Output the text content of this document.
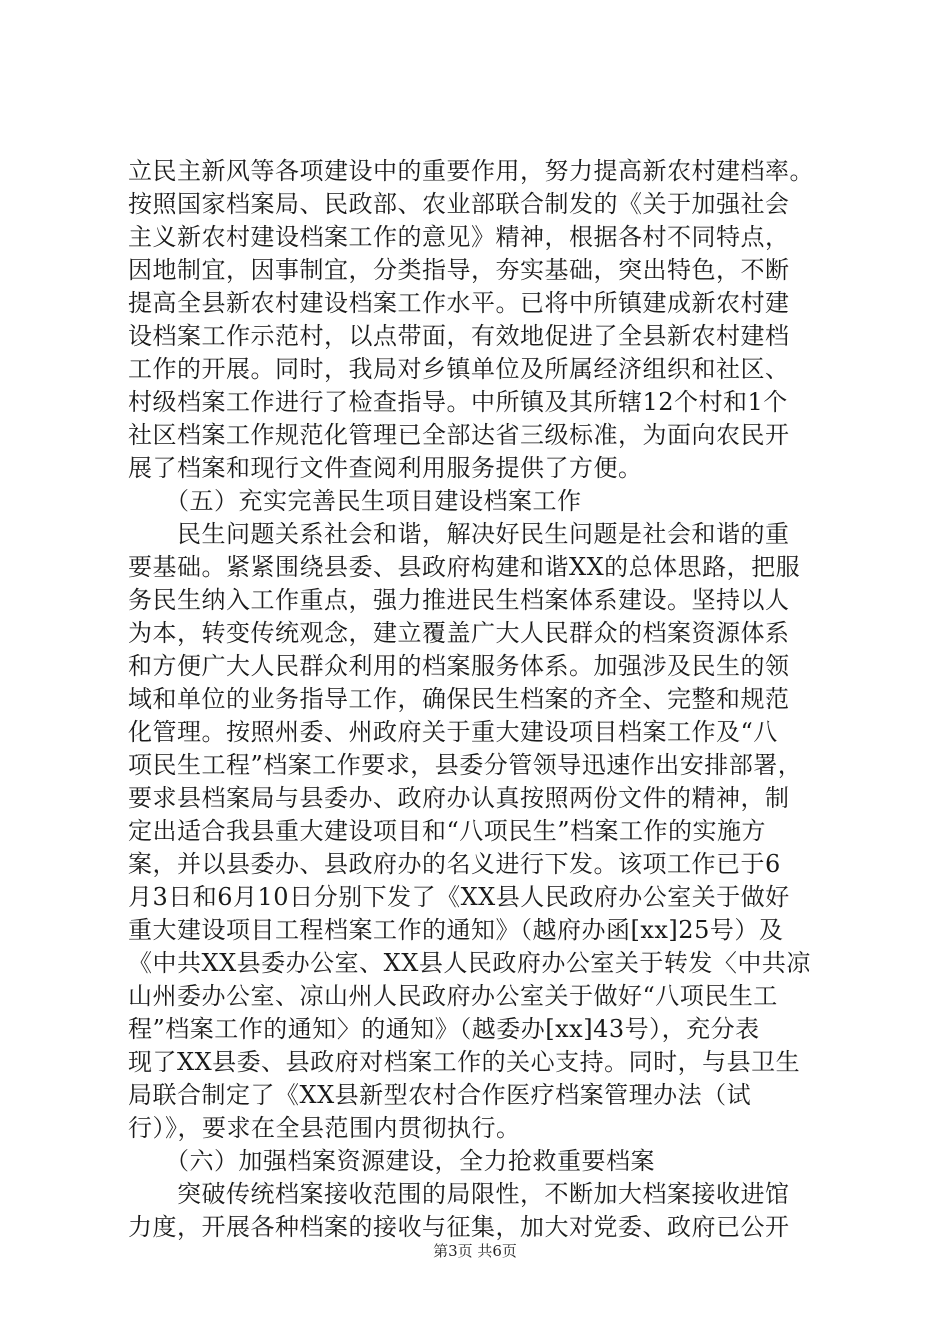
立民主新风等各项建设中的重要作用，努力提高新农村建档率。
按照国家档案局、民政部、农业部联合制发的《关于加强社会
主义新农村建设档案工作的意见》精神，根据各村不同特点，
因地制宜，因事制宜，分类指导，夯实基础，突出特色，不断
提高全县新农村建设档案工作水平。已将中所镇建成新农村建
设档案工作示范村，以点带面，有效地促进了全县新农村建档
工作的开展。同时，我局对乡镇单位及所属经济组织和社区、
村级档案工作进行了检查指导。中所镇及其所辖12个村和1个
社区档案工作规范化管理已全部达省三级标准，为面向农民开
展了档案和现行文件查阅利用服务提供了方便。
　　（五）充实完善民生项目建设档案工作
　　民生问题关系社会和谐，解决好民生问题是社会和谐的重
要基础。紧紧围绕县委、县政府构建和谐XX的总体思路，把服
务民生纳入工作重点，强力推进民生档案体系建设。坚持以人
为本，转变传统观念，建立覆盖广大人民群众的档案资源体系
和方便广大人民群众利用的档案服务体系。加强涉及民生的领
域和单位的业务指导工作，确保民生档案的齐全、完整和规范
化管理。按照州委、州政府关于重大建设项目档案工作及“八
项民生工程”档案工作要求，县委分管领导迅速作出安排部署，
要求县档案局与县委办、政府办认真按照两份文件的精神，制
定出适合我县重大建设项目和“八项民生”档案工作的实施方
案，并以县委办、县政府办的名义进行下发。该项工作已于6
月3日和6月10日分别下发了《XX县人民政府办公室关于做好
重大建设项目工程档案工作的通知》（越府办函[xx]25号）及
《中共XX县委办公室、XX县人民政府办公室关于转发〈中共凉
山州委办公室、凉山州人民政府办公室关于做好“八项民生工
程”档案工作的通知〉的通知》（越委办[xx]43号），充分表
现了XX县委、县政府对档案工作的关心支持。同时，与县卫生
局联合制定了《XX县新型农村合作医疗档案管理办法（试
行）》，要求在全县范围内贯彻执行。
　　（六）加强档案资源建设，全力抢救重要档案
　　突破传统档案接收范围的局限性，不断加大档案接收进馆
力度，开展各种档案的接收与征集，加大对党委、政府已公开
第3页 共6页
